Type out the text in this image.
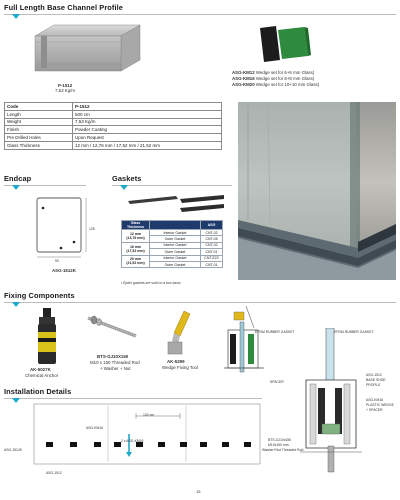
Full Length Base Channel Profile
P-1512
7,53 Kg/m
ASG-KM12 Wedge set for 6+6 mm Glass)
ASG-KM16 Wedge set for 8+8 mm Glass)
ASG-KM20 Wedge set for 10+10 mm Glass)
Code	P-1512
Length	500 cm
Weight	7,53 Kg/m
Finish	Powder Coating
Pre Drilled Holes	Upon Request
Glass Thickness	12 mm / 12,76 mm / 17,52 mm / 21,52 mm
Endcap
128
90
ASG-1512K
Gaskets
Glass Thickness		ASG
12 mm
(13,76 mm)	Interior Gasket	CNT-02
	Outer Gasket	CNT-05
16 mm
(17,52 mm)	Interior Gasket	CNT-02
	Outer Gasket	CNT-01
20 mm
(21,52 mm)	Interior Gasket	CNT-E22
	Outer Gasket	CNT-01
• Epdm gaskets are sold on a box basis.
Fixing Components
AK-5027K
Chemical Anchor
BTS-GJ10X150
M10 x 150 Threaded Rod
+ Washer + Nut
AK-5299
Wedge Fixing Tool
EPDM RUBBER GASKET	EPDM RUBBER GASKET
SPACER
ASG-1512
BASE SHOE
PROFILE
ASG-KM16
PLASTIC WEDGE
+ SPACER
Installation Details
100 cm
ASG-KM16
2 x ASG-KM16
ASG-1512K
ASG-1512
BTS-GJ10x150
M10x150 mm
Washer+Nut Threaded Rod
15
